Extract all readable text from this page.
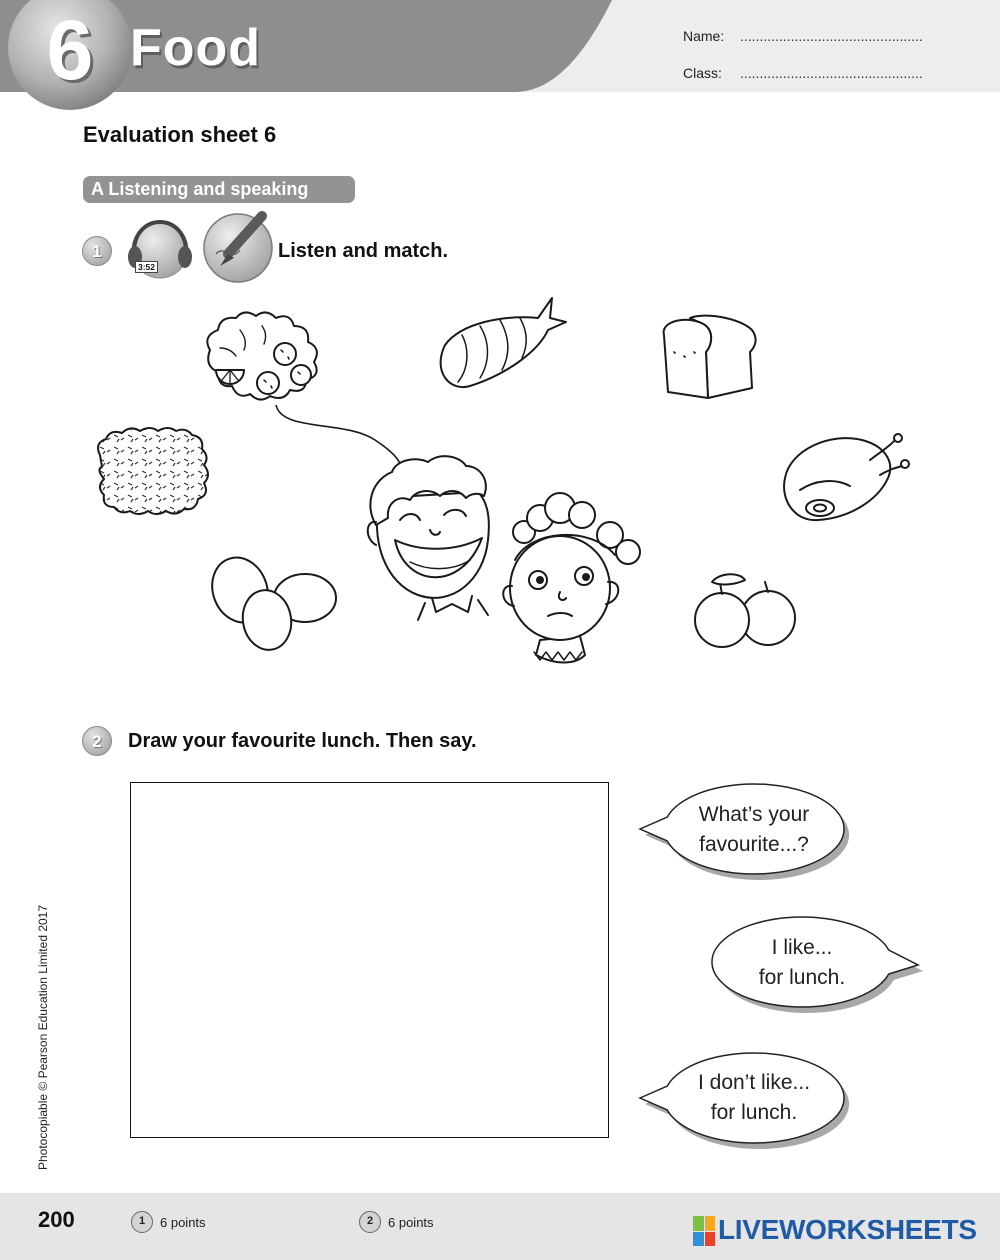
6 Food	Name: ...............................................
Class: ...............................................
Evaluation sheet 6
A Listening and speaking
1
3:52
Listen and match.
2	Draw your favourite lunch. Then say.
What’s your
favourite...?
I like...
for lunch.
I don’t like...
for lunch.
Photocopiable © Pearson Education Limited 2017
200	1	6 points	2	6 points	LIVEWORKSHEETS
